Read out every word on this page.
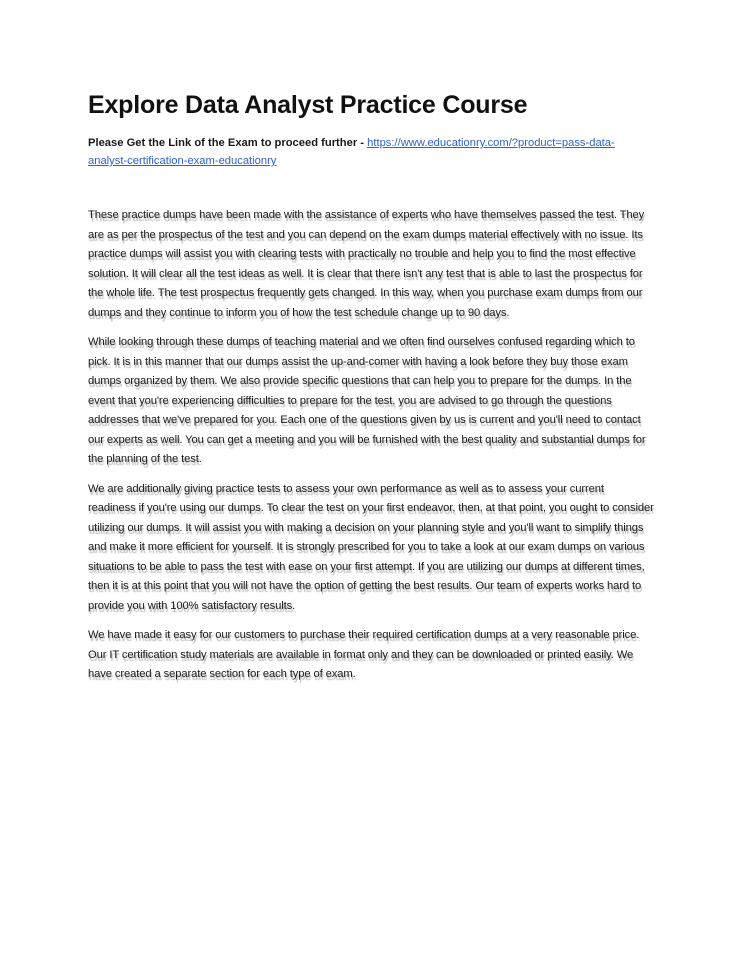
Explore Data Analyst Practice Course

Please Get the Link of the Exam to proceed further - https://www.educationry.com/?product=pass-data-analyst-certification-exam-educationry

These practice dumps have been made with the assistance of experts who have themselves passed the test. They are as per the prospectus of the test and you can depend on the exam dumps material effectively with no issue. Its practice dumps will assist you with clearing tests with practically no trouble and help you to find the most effective solution. It will clear all the test ideas as well. It is clear that there isn't any test that is able to last the prospectus for the whole life. The test prospectus frequently gets changed. In this way, when you purchase exam dumps from our dumps and they continue to inform you of how the test schedule change up to 90 days.

While looking through these dumps of teaching material and we often find ourselves confused regarding which to pick. It is in this manner that our dumps assist the up-and-comer with having a look before they buy those exam dumps organized by them. We also provide specific questions that can help you to prepare for the dumps. In the event that you're experiencing difficulties to prepare for the test, you are advised to go through the questions addresses that we've prepared for you. Each one of the questions given by us is current and you'll need to contact our experts as well. You can get a meeting and you will be furnished with the best quality and substantial dumps for the planning of the test.

We are additionally giving practice tests to assess your own performance as well as to assess your current readiness if you're using our dumps. To clear the test on your first endeavor, then, at that point, you ought to consider utilizing our dumps. It will assist you with making a decision on your planning style and you'll want to simplify things and make it more efficient for yourself. It is strongly prescribed for you to take a look at our exam dumps on various situations to be able to pass the test with ease on your first attempt. If you are utilizing our dumps at different times, then it is at this point that you will not have the option of getting the best results. Our team of experts works hard to provide you with 100% satisfactory results.

We have made it easy for our customers to purchase their required certification dumps at a very reasonable price. Our IT certification study materials are available in format only and they can be downloaded or printed easily. We have created a separate section for each type of exam.
